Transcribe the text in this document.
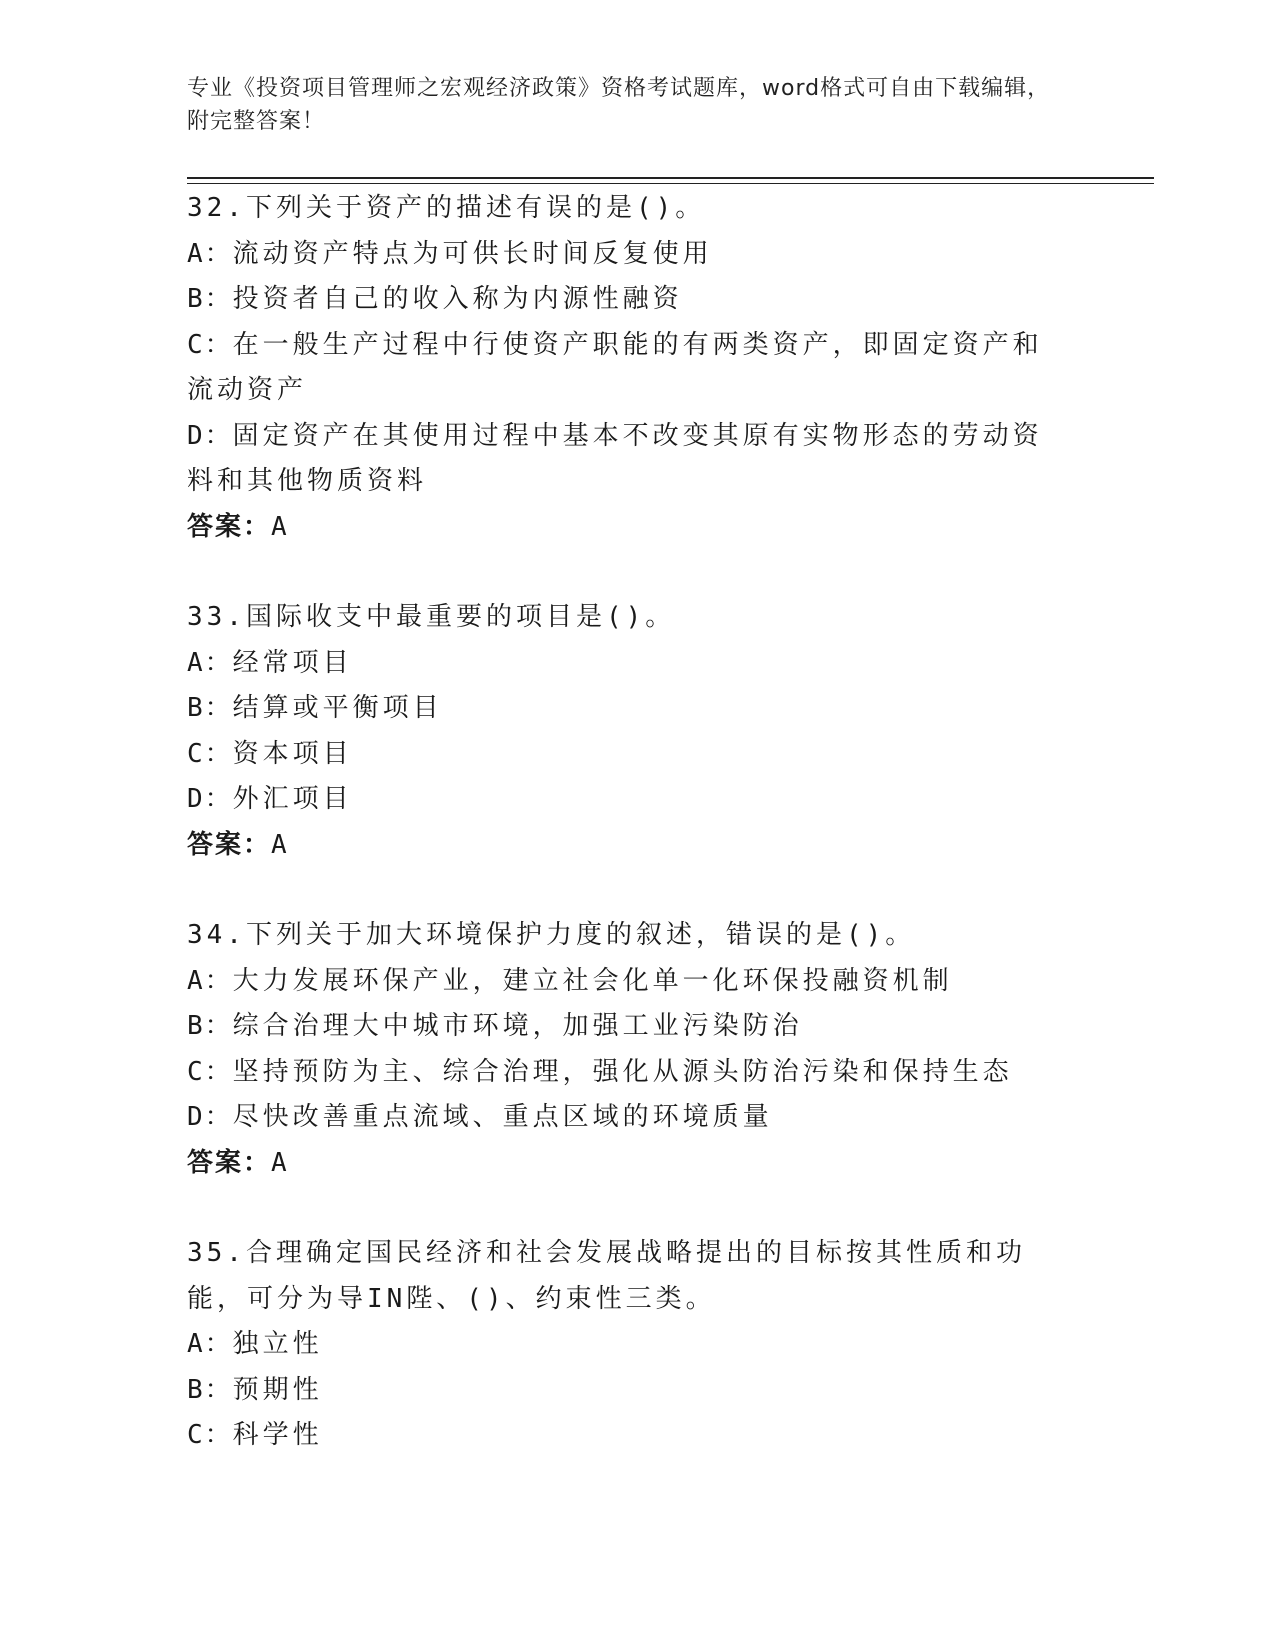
专业《投资项目管理师之宏观经济政策》资格考试题库，word格式可自由下载编辑，附完整答案！
32.下列关于资产的描述有误的是()。
A：流动资产特点为可供长时间反复使用
B：投资者自己的收入称为内源性融资
C：在一般生产过程中行使资产职能的有两类资产，即固定资产和流动资产
D：固定资产在其使用过程中基本不改变其原有实物形态的劳动资料和其他物质资料
答案：A
33.国际收支中最重要的项目是()。
A：经常项目
B：结算或平衡项目
C：资本项目
D：外汇项目
答案：A
34.下列关于加大环境保护力度的叙述，错误的是()。
A：大力发展环保产业，建立社会化单一化环保投融资机制
B：综合治理大中城市环境，加强工业污染防治
C：坚持预防为主、综合治理，强化从源头防治污染和保持生态
D：尽快改善重点流域、重点区域的环境质量
答案：A
35.合理确定国民经济和社会发展战略提出的目标按其性质和功能，可分为导IN陛、()、约束性三类。
A：独立性
B：预期性
C：科学性
